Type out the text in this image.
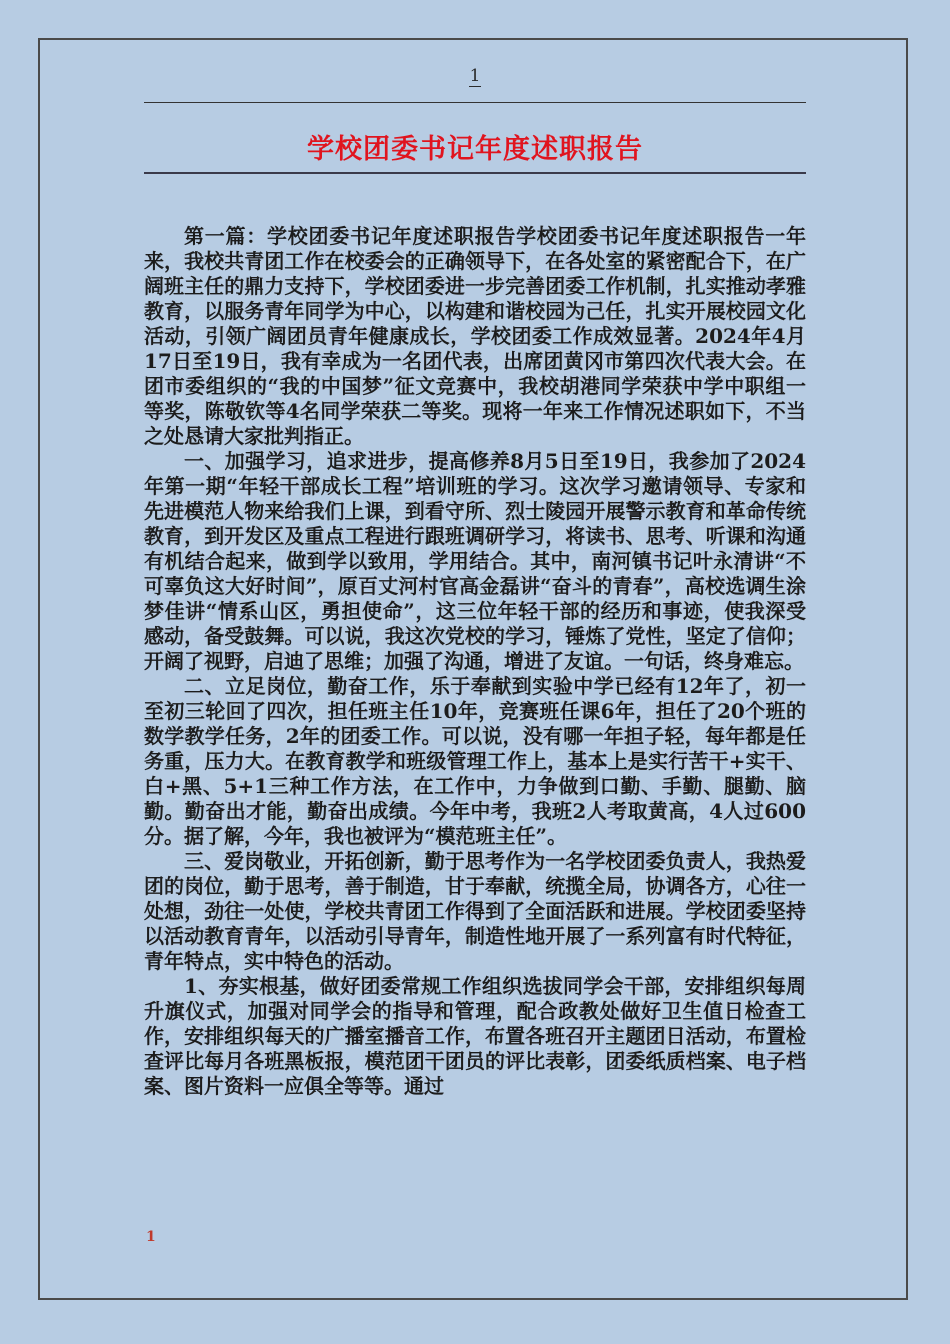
1
学校团委书记年度述职报告

第一篇：学校团委书记年度述职报告学校团委书记年度述职报告一年来，我校共青团工作在校委会的正确领导下，在各处室的紧密配合下，在广阔班主任的鼎力支持下，学校团委进一步完善团委工作机制，扎实推动孝雅教育，以服务青年同学为中心，以构建和谐校园为己任，扎实开展校园文化活动，引领广阔团员青年健康成长，学校团委工作成效显著。2024年4月17日至19日，我有幸成为一名团代表，出席团黄冈市第四次代表大会。在团市委组织的“我的中国梦”征文竞赛中，我校胡港同学荣获中学中职组一等奖，陈敬钦等4名同学荣获二等奖。现将一年来工作情况述职如下，不当之处恳请大家批判指正。

一、加强学习，追求进步，提高修养8月5日至19日，我参加了2024年第一期“年轻干部成长工程”培训班的学习。这次学习邀请领导、专家和先进模范人物来给我们上课，到看守所、烈士陵园开展警示教育和革命传统教育，到开发区及重点工程进行跟班调研学习，将读书、思考、听课和沟通有机结合起来，做到学以致用，学用结合。其中，南河镇书记叶永清讲“不可辜负这大好时间”，原百丈河村官高金磊讲“奋斗的青春”，高校选调生涂梦佳讲“情系山区，勇担使命”，这三位年轻干部的经历和事迹，使我深受感动，备受鼓舞。可以说，我这次党校的学习，锤炼了党性，坚定了信仰；开阔了视野，启迪了思维；加强了沟通，增进了友谊。一句话，终身难忘。

二、立足岗位，勤奋工作，乐于奉献到实验中学已经有12年了，初一至初三轮回了四次，担任班主任10年，竞赛班任课6年，担任了20个班的数学教学任务，2年的团委工作。可以说，没有哪一年担子轻，每年都是任务重，压力大。在教育教学和班级管理工作上，基本上是实行苦干+实干、白+黑、5+1三种工作方法，在工作中，力争做到口勤、手勤、腿勤、脑勤。勤奋出才能，勤奋出成绩。今年中考，我班2人考取黄高，4人过600分。据了解，今年，我也被评为“模范班主任”。

三、爱岗敬业，开拓创新，勤于思考作为一名学校团委负责人，我热爱团的岗位，勤于思考，善于制造，甘于奉献，统揽全局，协调各方，心往一处想，劲往一处使，学校共青团工作得到了全面活跃和进展。学校团委坚持以活动教育青年，以活动引导青年，制造性地开展了一系列富有时代特征，青年特点，实中特色的活动。

1、夯实根基，做好团委常规工作组织选拔同学会干部，安排组织每周升旗仪式，加强对同学会的指导和管理，配合政教处做好卫生值日检查工作，安排组织每天的广播室播音工作，布置各班召开主题团日活动，布置检查评比每月各班黑板报，模范团干团员的评比表彰，团委纸质档案、电子档案、图片资料一应俱全等等。通过

1
